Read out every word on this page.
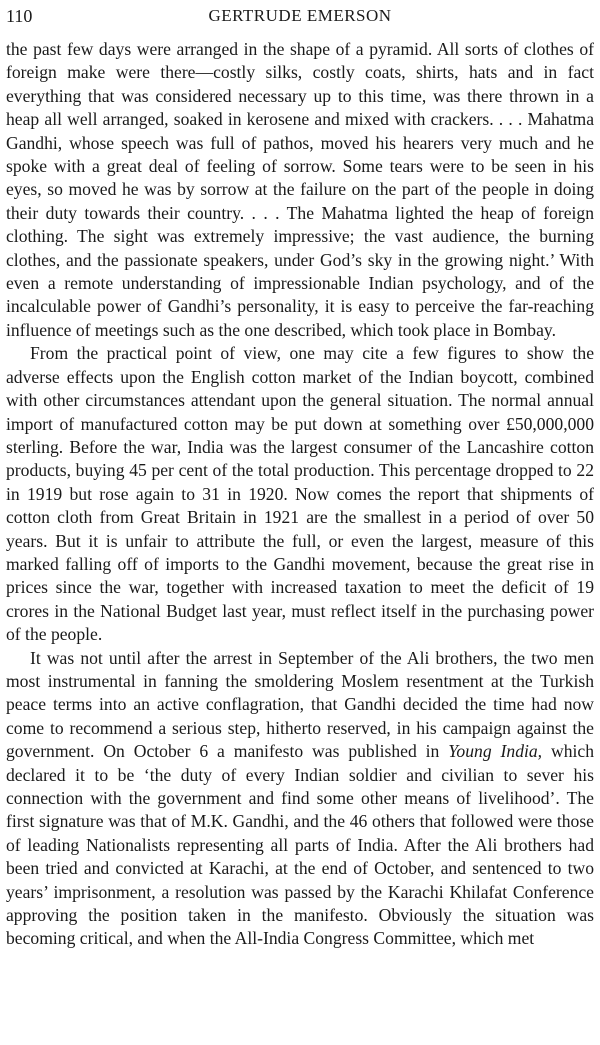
110	GERTRUDE EMERSON

the past few days were arranged in the shape of a pyramid. All sorts of clothes of foreign make were there—costly silks, costly coats, shirts, hats and in fact everything that was considered necessary up to this time, was there thrown in a heap all well arranged, soaked in kerosene and mixed with crackers. . . . Mahatma Gandhi, whose speech was full of pathos, moved his hearers very much and he spoke with a great deal of feeling of sorrow. Some tears were to be seen in his eyes, so moved he was by sorrow at the failure on the part of the people in doing their duty towards their country. . . . The Mahatma lighted the heap of foreign clothing. The sight was extremely impressive; the vast audience, the burning clothes, and the passionate speakers, under God’s sky in the growing night.’ With even a remote understanding of impressionable Indian psychology, and of the incalculable power of Gandhi’s personality, it is easy to perceive the far-reaching influence of meetings such as the one described, which took place in Bombay.

From the practical point of view, one may cite a few figures to show the adverse effects upon the English cotton market of the Indian boycott, combined with other circumstances attendant upon the general situation. The normal annual import of manufactured cotton may be put down at something over £50,000,000 sterling. Before the war, India was the largest consumer of the Lancashire cotton products, buying 45 per cent of the total production. This percentage dropped to 22 in 1919 but rose again to 31 in 1920. Now comes the report that shipments of cotton cloth from Great Britain in 1921 are the smallest in a period of over 50 years. But it is unfair to attribute the full, or even the largest, measure of this marked falling off of imports to the Gandhi movement, because the great rise in prices since the war, together with increased taxation to meet the deficit of 19 crores in the National Budget last year, must reflect itself in the purchasing power of the people.

It was not until after the arrest in September of the Ali brothers, the two men most instrumental in fanning the smoldering Moslem resentment at the Turkish peace terms into an active conflagration, that Gandhi decided the time had now come to recommend a serious step, hitherto reserved, in his campaign against the government. On October 6 a manifesto was published in Young India, which declared it to be ‘the duty of every Indian soldier and civilian to sever his connection with the government and find some other means of livelihood’. The first signature was that of M.K. Gandhi, and the 46 others that followed were those of leading Nationalists representing all parts of India. After the Ali brothers had been tried and convicted at Karachi, at the end of October, and sentenced to two years’ imprisonment, a resolution was passed by the Karachi Khilafat Conference approving the position taken in the manifesto. Obviously the situation was becoming critical, and when the All-India Congress Committee, which met
